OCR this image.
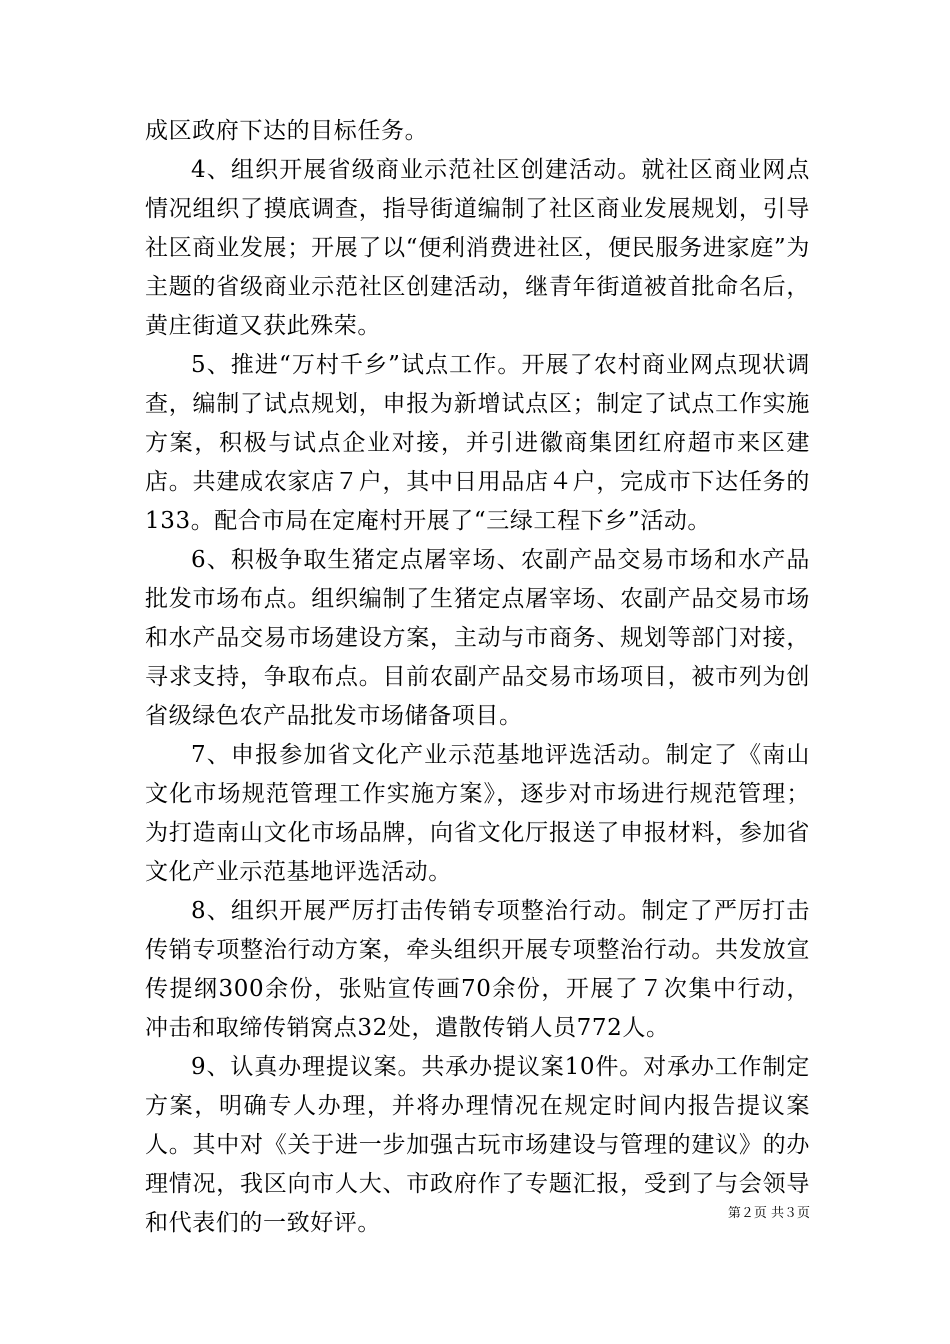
成区政府下达的目标任务。

4、组织开展省级商业示范社区创建活动。就社区商业网点情况组织了摸底调查，指导街道编制了社区商业发展规划，引导社区商业发展；开展了以“便利消费进社区，便民服务进家庭”为主题的省级商业示范社区创建活动，继青年街道被首批命名后，黄庄街道又获此殊荣。

5、推进“万村千乡”试点工作。开展了农村商业网点现状调查，编制了试点规划，申报为新增试点区；制定了试点工作实施方案，积极与试点企业对接，并引进徽商集团红府超市来区建店。共建成农家店７户，其中日用品店４户，完成市下达任务的133。配合市局在定庵村开展了“三绿工程下乡”活动。

6、积极争取生猪定点屠宰场、农副产品交易市场和水产品批发市场布点。组织编制了生猪定点屠宰场、农副产品交易市场和水产品交易市场建设方案，主动与市商务、规划等部门对接，寻求支持，争取布点。目前农副产品交易市场项目，被市列为创省级绿色农产品批发市场储备项目。

7、申报参加省文化产业示范基地评选活动。制定了《南山文化市场规范管理工作实施方案》，逐步对市场进行规范管理；为打造南山文化市场品牌，向省文化厅报送了申报材料，参加省文化产业示范基地评选活动。

8、组织开展严厉打击传销专项整治行动。制定了严厉打击传销专项整治行动方案，牵头组织开展专项整治行动。共发放宣传提纲300余份，张贴宣传画70余份，开展了７次集中行动，冲击和取缔传销窝点32处，遣散传销人员772人。

9、认真办理提议案。共承办提议案10件。对承办工作制定方案，明确专人办理，并将办理情况在规定时间内报告提议案人。其中对《关于进一步加强古玩市场建设与管理的建议》的办理情况，我区向市人大、市政府作了专题汇报，受到了与会领导和代表们的一致好评。	第２页 共３页
